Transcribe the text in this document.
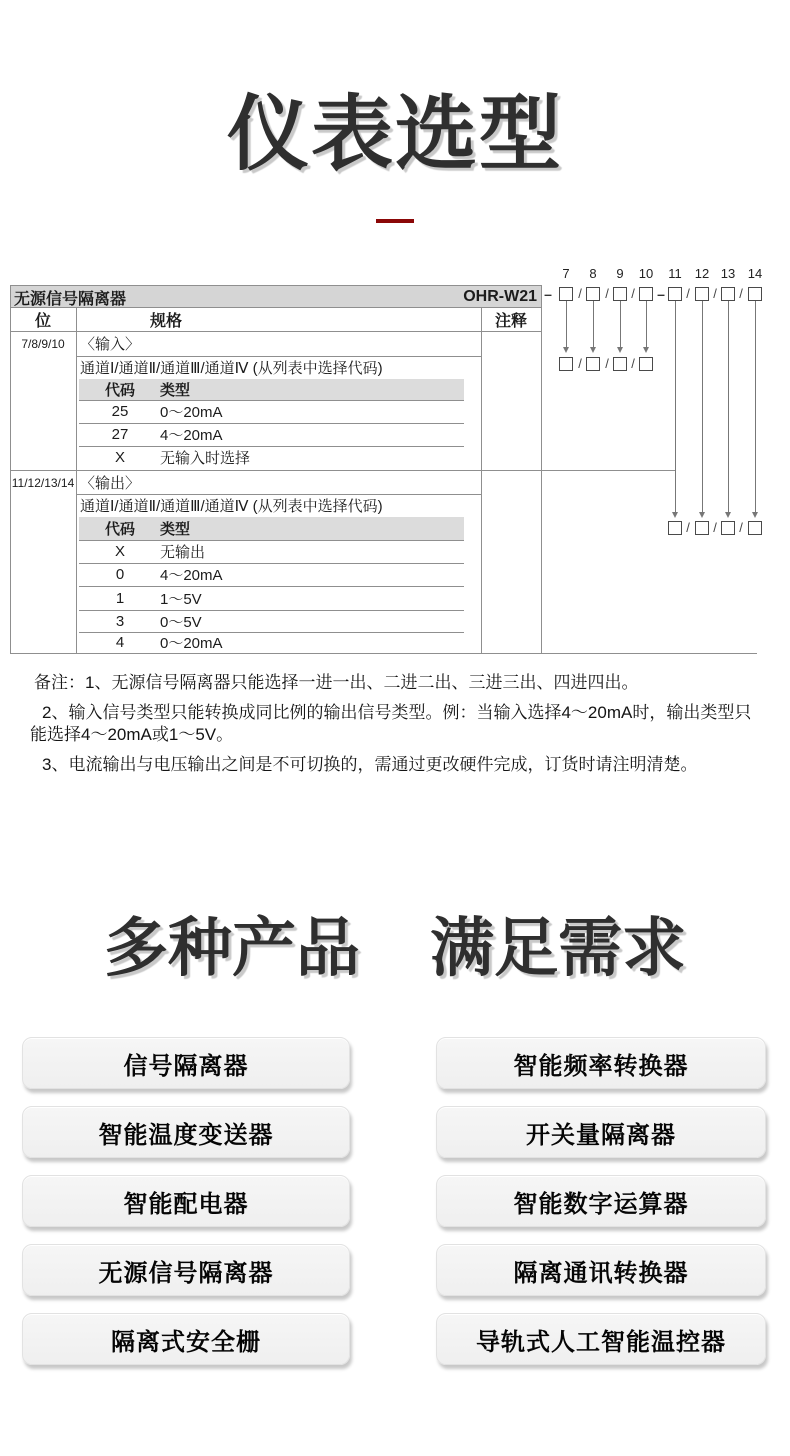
仪表选型
无源信号隔离器	OHR-W21
位	规格	注释
7/8/9/10	〈输入〉
通道Ⅰ/通道Ⅱ/通道Ⅲ/通道Ⅳ (从列表中选择代码)
代码	类型
25	0～20mA
27	4～20mA
X	无输入时选择
11/12/13/14 〈输出〉
通道Ⅰ/通道Ⅱ/通道Ⅲ/通道Ⅳ (从列表中选择代码)
代码	类型
X	无输出
0	4～20mA
1	1～5V
3	0～5V
4	0～20mA
7	8	9	10	11	12 13 14
– / / / – / / /
/ / /
/ / /

备注：1、无源信号隔离器只能选择一进一出、二进二出、三进三出、四进四出。

2、输入信号类型只能转换成同比例的输出信号类型。例：当输入选择4～20mA时，输出类型只能选择4～20mA或1～5V。

3、电流输出与电压输出之间是不可切换的，需通过更改硬件完成，订货时请注明清楚。

多种产品 满足需求
信号隔离器	智能频率转换器
智能温度变送器	开关量隔离器
智能配电器	智能数字运算器
无源信号隔离器	隔离通讯转换器
隔离式安全栅	导轨式人工智能温控器
